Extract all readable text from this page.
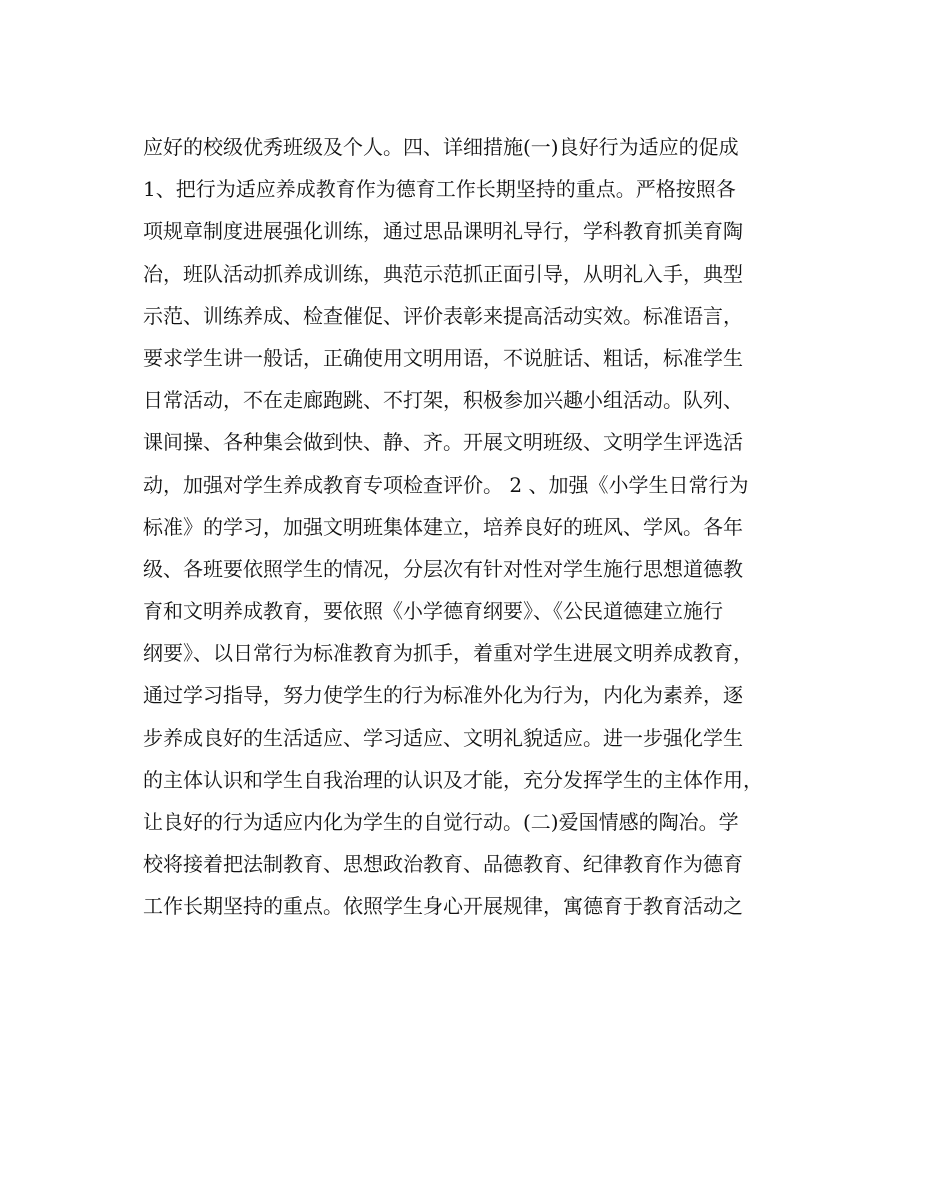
应好的校级优秀班级及个人。四、详细措施(一)良好行为适应的促成

1、把行为适应养成教育作为德育工作长期坚持的重点。严格按照各

项规章制度进展强化训练，通过思品课明礼导行，学科教育抓美育陶

冶，班队活动抓养成训练，典范示范抓正面引导，从明礼入手，典型

示范、训练养成、检查催促、评价表彰来提高活动实效。标准语言，

要求学生讲一般话，正确使用文明用语，不说脏话、粗话，标准学生

日常活动，不在走廊跑跳、不打架，积极参加兴趣小组活动。队列、

课间操、各种集会做到快、静、齐。开展文明班级、文明学生评选活

动，加强对学生养成教育专项检查评价。 2 、加强《小学生日常行为

标准》的学习，加强文明班集体建立，培养良好的班风、学风。各年

级、各班要依照学生的情况，分层次有针对性对学生施行思想道德教

育和文明养成教育，要依照《小学德育纲要》、《公民道德建立施行

纲要》、以日常行为标准教育为抓手，着重对学生进展文明养成教育，

通过学习指导，努力使学生的行为标准外化为行为，内化为素养，逐

步养成良好的生活适应、学习适应、文明礼貌适应。进一步强化学生

的主体认识和学生自我治理的认识及才能，充分发挥学生的主体作用，

让良好的行为适应内化为学生的自觉行动。(二)爱国情感的陶冶。学

校将接着把法制教育、思想政治教育、品德教育、纪律教育作为德育

工作长期坚持的重点。依照学生身心开展规律，寓德育于教育活动之
